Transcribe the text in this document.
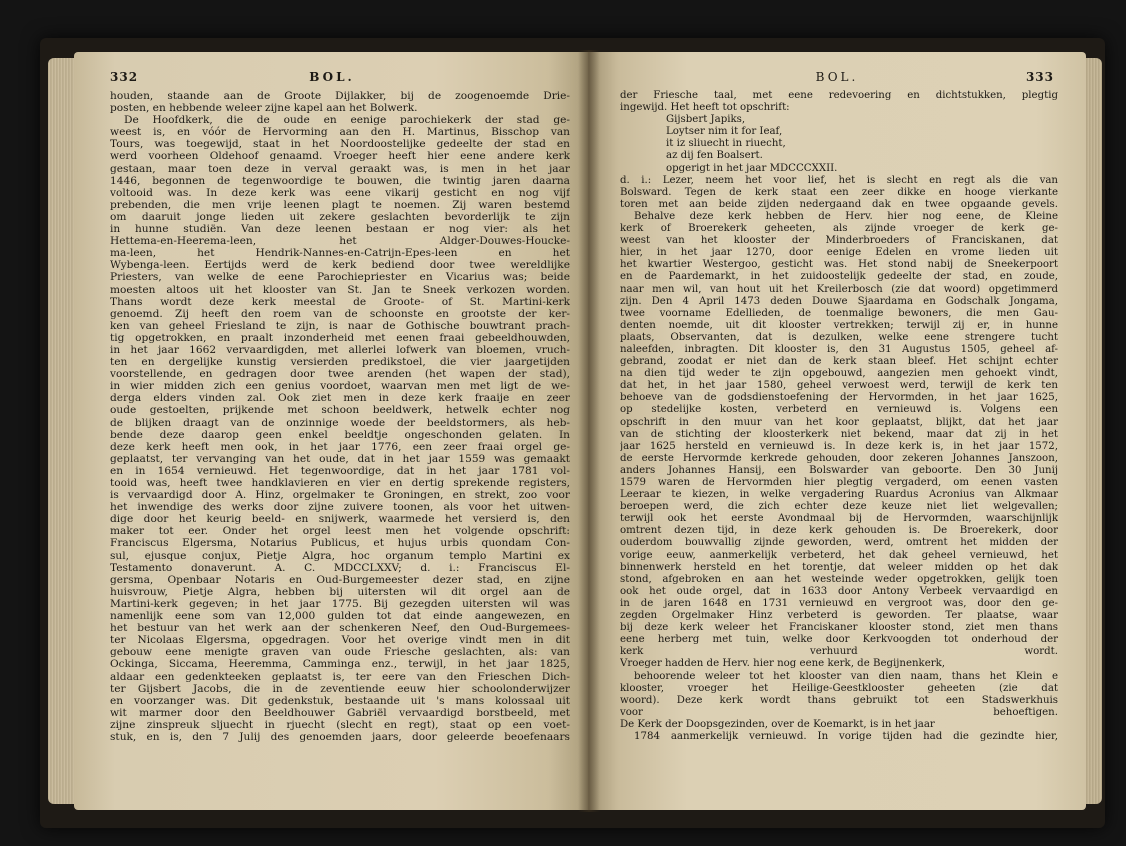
332	BOL.
houden, staande aan de Groote Dijlakker, bij de zoogenoemde Drie-
posten, en hebbende weleer zijne kapel aan het Bolwerk.
De Hoofdkerk, die de oude en eenige parochiekerk der stad ge-
weest is, en vóór de Hervorming aan den H. Martinus, Bisschop van
Tours, was toegewijd, staat in het Noordoostelijke gedeelte der stad en
werd voorheen Oldehoof genaamd. Vroeger heeft hier eene andere kerk
gestaan, maar toen deze in verval geraakt was, is men in het jaar
1446, begonnen de tegenwoordige te bouwen, die twintig jaren daarna
voltooid was. In deze kerk was eene vikarij gesticht en nog vijf
prebenden, die men vrije leenen plagt te noemen. Zij waren bestemd
om daaruit jonge lieden uit zekere geslachten bevorderlijk te zijn
in hunne studiën. Van deze leenen bestaan er nog vier: als het
Hettema-en-Heerema-leen, het Aldger-Douwes-Houcke-
ma-leen, het Hendrik-Nannes-en-Catrijn-Epes-leen en het
Wybenga-leen. Eertijds werd de kerk bediend door twee wereldlijke
Priesters, van welke de eene Parochiepriester en Vicarius was; beide
moesten altoos uit het klooster van St. Jan te Sneek verkozen worden.
Thans wordt deze kerk meestal de Groote- of St. Martini-kerk
genoemd. Zij heeft den roem van de schoonste en grootste der ker-
ken van geheel Friesland te zijn, is naar de Gothische bouwtrant prach-
tig opgetrokken, en praalt inzonderheid met eenen fraai gebeeldhouwden,
in het jaar 1662 vervaardigden, met allerlei lofwerk van bloemen, vruch-
ten en dergelijke kunstig versierden predikstoel, die vier jaargetijden
voorstellende, en gedragen door twee arenden (het wapen der stad),
in wier midden zich een genius voordoet, waarvan men met ligt de we-
derga elders vinden zal. Ook ziet men in deze kerk fraaije en zeer
oude gestoelten, prijkende met schoon beeldwerk, hetwelk echter nog
de blijken draagt van de onzinnige woede der beeldstormers, als heb-
bende deze daarop geen enkel beeldtje ongeschonden gelaten. In
deze kerk heeft men ook, in het jaar 1776, een zeer fraai orgel ge-
geplaatst, ter vervanging van het oude, dat in het jaar 1559 was gemaakt
en in 1654 vernieuwd. Het tegenwoordige, dat in het jaar 1781 vol-
tooid was, heeft twee handklavieren en vier en dertig sprekende registers,
is vervaardigd door A. Hinz, orgelmaker te Groningen, en strekt, zoo voor
het inwendige des werks door zijne zuivere toonen, als voor het uitwen-
dige door het keurig beeld- en snijwerk, waarmede het versierd is, den
maker tot eer. Onder het orgel leest men het volgende opschrift:
Franciscus Elgersma, Notarius Publicus, et hujus urbis quondam Con-
sul, ejusque conjux, Pietje Algra, hoc organum templo Martini ex
Testamento donaverunt. A. C. MDCCLXXV; d. i.: Franciscus El-
gersma, Openbaar Notaris en Oud-Burgemeester dezer stad, en zijne
huisvrouw, Pietje Algra, hebben bij uitersten wil dit orgel aan de
Martini-kerk gegeven; in het jaar 1775. Bij gezegden uitersten wil was
namenlijk eene som van 12,000 gulden tot dat einde aangewezen, en
het bestuur van het werk aan der schenkeren Neef, den Oud-Burgemees-
ter Nicolaas Elgersma, opgedragen. Voor het overige vindt men in dit
gebouw eene menigte graven van oude Friesche geslachten, als: van
Ockinga, Siccama, Heeremma, Camminga enz., terwijl, in het jaar 1825,
aldaar een gedenkteeken geplaatst is, ter eere van den Frieschen Dich-
ter Gijsbert Jacobs, die in de zeventiende eeuw hier schoolonderwijzer
en voorzanger was. Dit gedenkstuk, bestaande uit 's mans kolossaal uit
wit marmer door den Beeldhouwer Gabriël vervaardigd borstbeeld, met
zijne zinspreuk sljuecht in rjuecht (slecht en regt), staat op een voet-
stuk, en is, den 7 Julij des genoemden jaars, door geleerde beoefenaars
BOL.	333
der Friesche taal, met eene redevoering en dichtstukken, plegtig
ingewijd. Het heeft tot opschrift:
Gijsbert Japiks,
Loytser nim it for Ieaf,
it iz sliuecht in riuecht,
az dij fen Boalsert.
opgerigt in het jaar MDCCCXXII.
d. i.: Lezer, neem het voor lief, het is slecht en regt als die van
Bolsward. Tegen de kerk staat een zeer dikke en hooge vierkante
toren met aan beide zijden nedergaand dak en twee opgaande gevels.
Behalve deze kerk hebben de Herv. hier nog eene, de Kleine
kerk of Broerekerk geheeten, als zijnde vroeger de kerk ge-
weest van het klooster der Minderbroeders of Franciskanen, dat
hier, in het jaar 1270, door eenige Edelen en vrome lieden uit
het kwartier Westergoo, gesticht was. Het stond nabij de Sneekerpoort
en de Paardemarkt, in het zuidoostelijk gedeelte der stad, en zoude,
naar men wil, van hout uit het Kreilerbosch (zie dat woord) opgetimmerd
zijn. Den 4 April 1473 deden Douwe Sjaardama en Godschalk Jongama,
twee voorname Edellieden, de toenmalige bewoners, die men Gau-
denten noemde, uit dit klooster vertrekken; terwijl zij er, in hunne
plaats, Observanten, dat is dezulken, welke eene strengere tucht
naleefden, inbragten. Dit klooster is, den 31 Augustus 1505, geheel af-
gebrand, zoodat er niet dan de kerk staan bleef. Het schijnt echter
na dien tijd weder te zijn opgebouwd, aangezien men gehoekt vindt,
dat het, in het jaar 1580, geheel verwoest werd, terwijl de kerk ten
behoeve van de godsdienstoefening der Hervormden, in het jaar 1625,
op stedelijke kosten, verbeterd en vernieuwd is. Volgens een
opschrift in den muur van het koor geplaatst, blijkt, dat het jaar
van de stichting der kloosterkerk niet bekend, maar dat zij in het
jaar 1625 hersteld en vernieuwd is. In deze kerk is, in het jaar 1572,
de eerste Hervormde kerkrede gehouden, door zekeren Johannes Janszoon,
anders Johannes Hansij, een Bolswarder van geboorte. Den 30 Junij
1579 waren de Hervormden hier plegtig vergaderd, om eenen vasten
Leeraar te kiezen, in welke vergadering Ruardus Acronius van Alkmaar
beroepen werd, die zich echter deze keuze niet liet welgevallen;
terwijl ook het eerste Avondmaal bij de Hervormden, waarschijnlijk
omtrent dezen tijd, in deze kerk gehouden is. De Broerekerk, door
ouderdom bouwvallig zijnde geworden, werd, omtrent het midden der
vorige eeuw, aanmerkelijk verbeterd, het dak geheel vernieuwd, het
binnenwerk hersteld en het torentje, dat weleer midden op het dak
stond, afgebroken en aan het westeinde weder opgetrokken, gelijk toen
ook het oude orgel, dat in 1633 door Antony Verbeek vervaardigd en
in de jaren 1648 en 1731 vernieuwd en vergroot was, door den ge-
zegden Orgelmaker Hinz verbeterd is geworden. Ter plaatse, waar
bij deze kerk weleer het Franciskaner klooster stond, ziet men thans
eene herberg met tuin, welke door Kerkvoogden tot onderhoud der
kerk verhuurd wordt.
Vroeger hadden de Herv. hier nog eene kerk, de Begijnenkerk,
behoorende weleer tot het klooster van dien naam, thans het Klein e
klooster, vroeger het Heilige-Geestklooster geheeten (zie dat
woord). Deze kerk wordt thans gebruikt tot een Stadswerkhuis
voor behoeftigen.
De Kerk der Doopsgezinden, over de Koemarkt, is in het jaar
1784 aanmerkelijk vernieuwd. In vorige tijden had die gezindte hier,
